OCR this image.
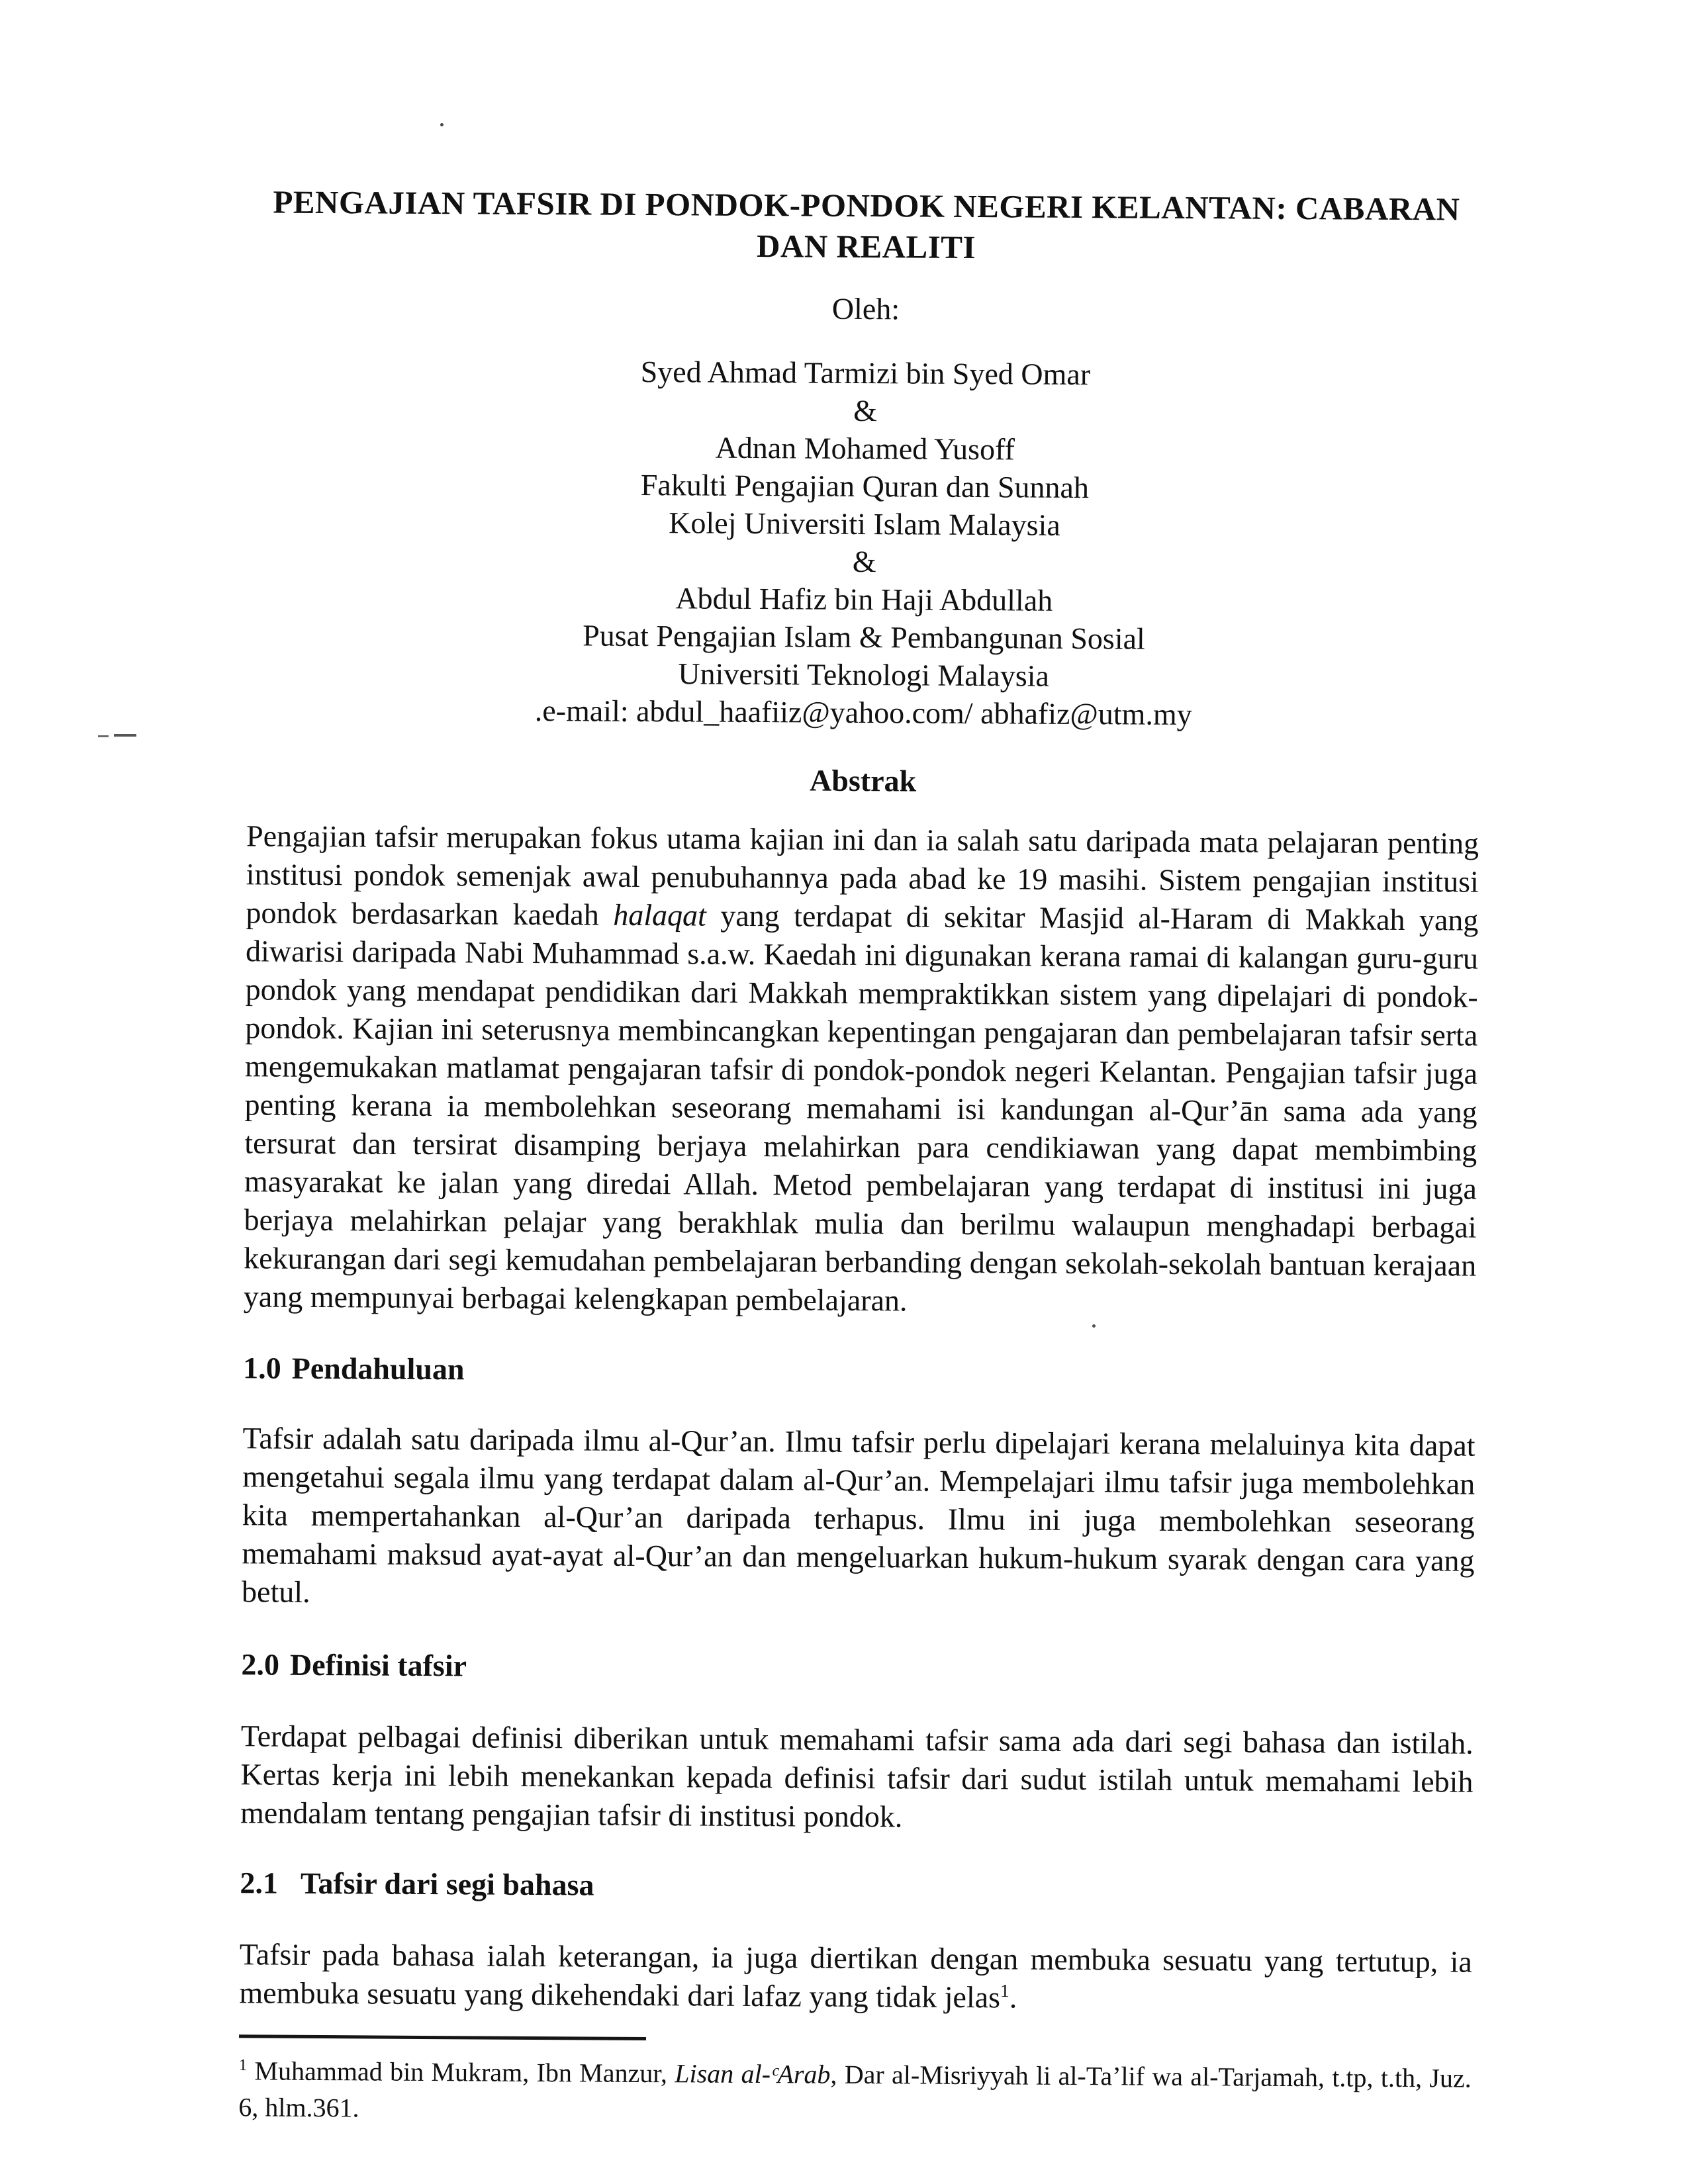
PENGAJIAN TAFSIR DI PONDOK-PONDOK NEGERI KELANTAN: CABARAN
DAN REALITI

Oleh:

Syed Ahmad Tarmizi bin Syed Omar
&
Adnan Mohamed Yusoff
Fakulti Pengajian Quran dan Sunnah
Kolej Universiti Islam Malaysia
&
Abdul Hafiz bin Haji Abdullah
Pusat Pengajian Islam & Pembangunan Sosial
Universiti Teknologi Malaysia
.e-mail: abdul_haafiiz@yahoo.com/ abhafiz@utm.my

Abstrak

Pengajian tafsir merupakan fokus utama kajian ini dan ia salah satu daripada mata pelajaran penting institusi pondok semenjak awal penubuhannya pada abad ke 19 masihi. Sistem pengajian institusi pondok berdasarkan kaedah halaqat yang terdapat di sekitar Masjid al-Haram di Makkah yang diwarisi daripada Nabi Muhammad s.a.w. Kaedah ini digunakan kerana ramai di kalangan guru-guru pondok yang mendapat pendidikan dari Makkah mempraktikkan sistem yang dipelajari di pondok-pondok. Kajian ini seterusnya membincangkan kepentingan pengajaran dan pembelajaran tafsir serta mengemukakan matlamat pengajaran tafsir di pondok-pondok negeri Kelantan. Pengajian tafsir juga penting kerana ia membolehkan seseorang memahami isi kandungan al-Qur’ān sama ada yang tersurat dan tersirat disamping berjaya melahirkan para cendikiawan yang dapat membimbing masyarakat ke jalan yang diredai Allah. Metod pembelajaran yang terdapat di institusi ini juga berjaya melahirkan pelajar yang berakhlak mulia dan berilmu walaupun menghadapi berbagai kekurangan dari segi kemudahan pembelajaran berbanding dengan sekolah-sekolah bantuan kerajaan yang mempunyai berbagai kelengkapan pembelajaran.

1.0 Pendahuluan

Tafsir adalah satu daripada ilmu al-Qur’an. Ilmu tafsir perlu dipelajari kerana melaluinya kita dapat mengetahui segala ilmu yang terdapat dalam al-Qur’an. Mempelajari ilmu tafsir juga membolehkan kita mempertahankan al-Qur’an daripada terhapus. Ilmu ini juga membolehkan seseorang memahami maksud ayat-ayat al-Qur’an dan mengeluarkan hukum-hukum syarak dengan cara yang betul.

2.0 Definisi tafsir

Terdapat pelbagai definisi diberikan untuk memahami tafsir sama ada dari segi bahasa dan istilah. Kertas kerja ini lebih menekankan kepada definisi tafsir dari sudut istilah untuk memahami lebih mendalam tentang pengajian tafsir di institusi pondok.

2.1 Tafsir dari segi bahasa

Tafsir pada bahasa ialah keterangan, ia juga diertikan dengan membuka sesuatu yang tertutup, ia membuka sesuatu yang dikehendaki dari lafaz yang tidak jelas$^1$.

$^1$ Muhammad bin Mukram, Ibn Manzur, Lisan al-ᶜArab, Dar al-Misriyyah li al-Ta’lif wa al-Tarjamah, t.tp, t.th, Juz. 6, hlm.361.
